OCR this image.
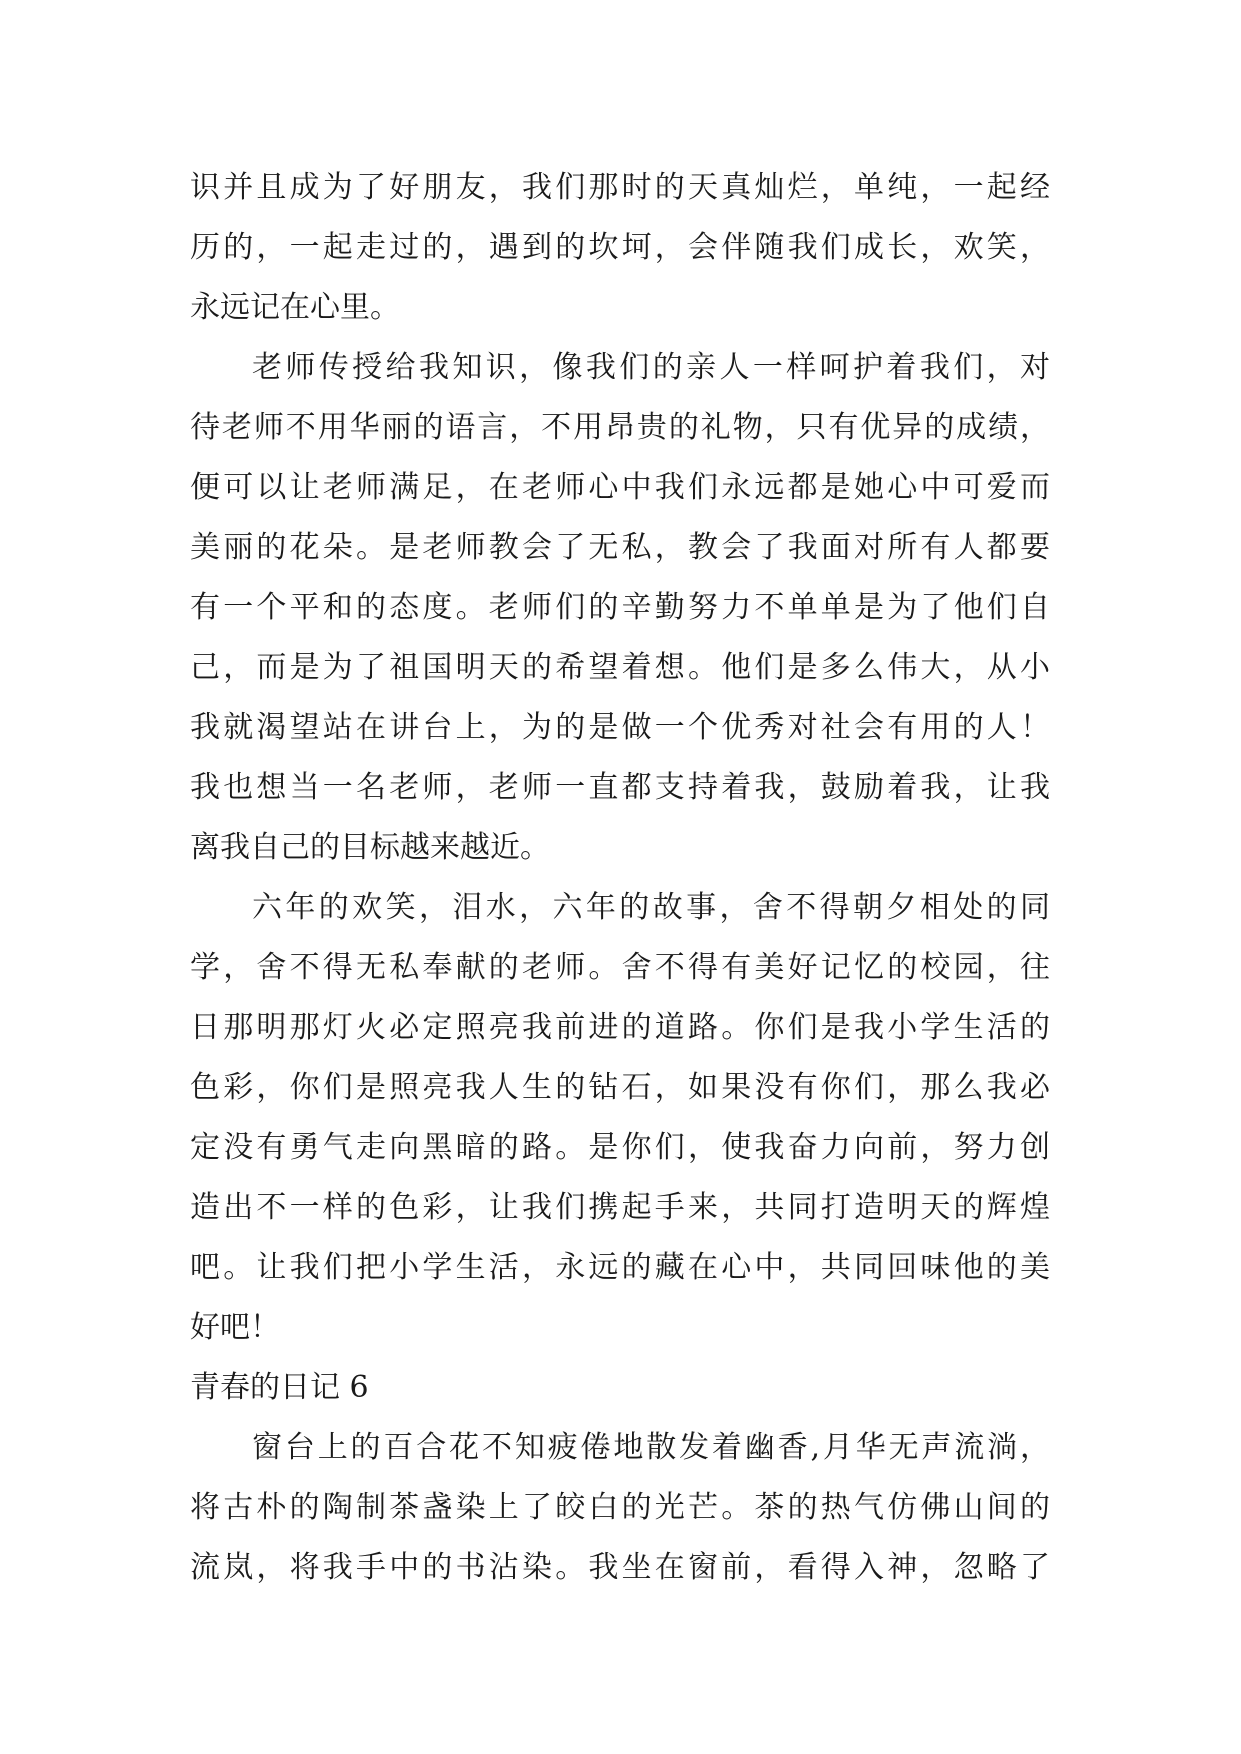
识并且成为了好朋友，我们那时的天真灿烂，单纯，一起经
历的，一起走过的，遇到的坎坷，会伴随我们成长，欢笑，
永远记在心里。
老师传授给我知识，像我们的亲人一样呵护着我们，对
待老师不用华丽的语言，不用昂贵的礼物，只有优异的成绩，
便可以让老师满足，在老师心中我们永远都是她心中可爱而
美丽的花朵。是老师教会了无私，教会了我面对所有人都要
有一个平和的态度。老师们的辛勤努力不单单是为了他们自
己，而是为了祖国明天的希望着想。他们是多么伟大，从小
我就渴望站在讲台上，为的是做一个优秀对社会有用的人！
我也想当一名老师，老师一直都支持着我，鼓励着我，让我
离我自己的目标越来越近。
六年的欢笑，泪水，六年的故事，舍不得朝夕相处的同
学，舍不得无私奉献的老师。舍不得有美好记忆的校园，往
日那明那灯火必定照亮我前进的道路。你们是我小学生活的
色彩，你们是照亮我人生的钻石，如果没有你们，那么我必
定没有勇气走向黑暗的路。是你们，使我奋力向前，努力创
造出不一样的色彩，让我们携起手来，共同打造明天的辉煌
吧。让我们把小学生活，永远的藏在心中，共同回味他的美
好吧！
青春的日记 6
窗台上的百合花不知疲倦地散发着幽香,月华无声流淌，
将古朴的陶制茶盏染上了皎白的光芒。茶的热气仿佛山间的
流岚，将我手中的书沾染。我坐在窗前，看得入神，忽略了
